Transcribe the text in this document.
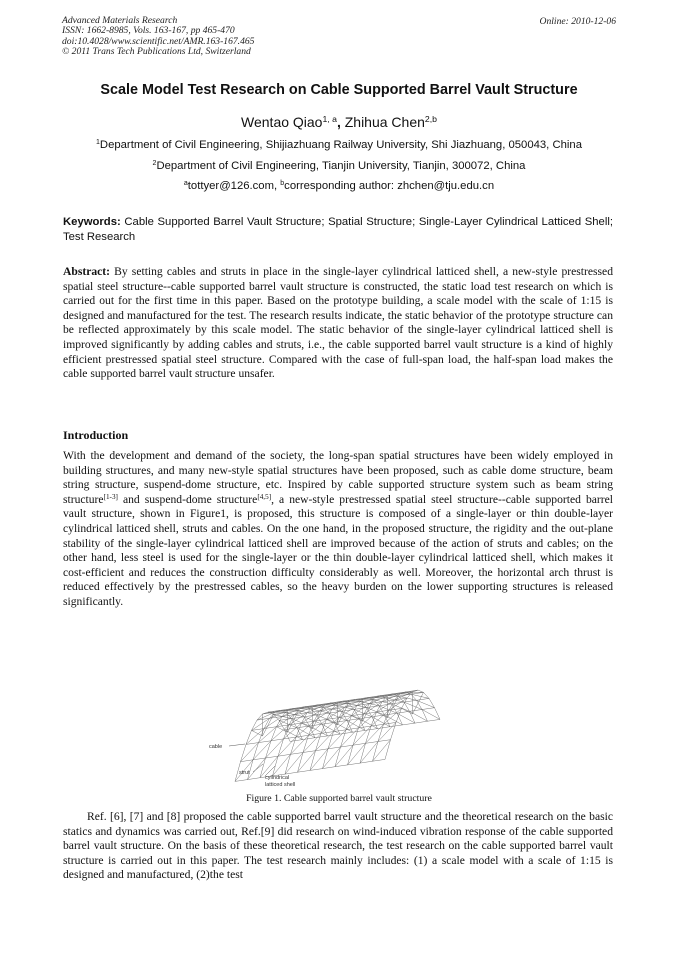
Advanced Materials Research
ISSN: 1662-8985, Vols. 163-167, pp 465-470
doi:10.4028/www.scientific.net/AMR.163-167.465
© 2011 Trans Tech Publications Ltd, Switzerland
Online: 2010-12-06
Scale Model Test Research on Cable Supported Barrel Vault Structure
Wentao Qiao$^{1, a}$, Zhihua Chen$^{2,b}$
$^1$Department of Civil Engineering, Shijiazhuang Railway University, Shi Jiazhuang, 050043, China
$^2$Department of Civil Engineering, Tianjin University, Tianjin, 300072, China
$^a$tottyer@126.com, $^b$corresponding author: zhchen@tju.edu.cn
Keywords: Cable Supported Barrel Vault Structure; Spatial Structure; Single-Layer Cylindrical Latticed Shell; Test Research
Abstract: By setting cables and struts in place in the single-layer cylindrical latticed shell, a new-style prestressed spatial steel structure--cable supported barrel vault structure is constructed, the static load test research on which is carried out for the first time in this paper. Based on the prototype building, a scale model with the scale of 1:15 is designed and manufactured for the test. The research results indicate, the static behavior of the prototype structure can be reflected approximately by this scale model. The static behavior of the single-layer cylindrical latticed shell is improved significantly by adding cables and struts, i.e., the cable supported barrel vault structure is a kind of highly efficient prestressed spatial steel structure. Compared with the case of full-span load, the half-span load makes the cable supported barrel vault structure unsafer.
Introduction
With the development and demand of the society, the long-span spatial structures have been widely employed in building structures, and many new-style spatial structures have been proposed, such as cable dome structure, beam string structure, suspend-dome structure, etc. Inspired by cable supported structure system such as beam string structure[1-3] and suspend-dome structure[4,5], a new-style prestressed spatial steel structure--cable supported barrel vault structure, shown in Figure1, is proposed, this structure is composed of a single-layer or thin double-layer cylindrical latticed shell, struts and cables. On the one hand, in the proposed structure, the rigidity and the out-plane stability of the single-layer cylindrical latticed shell are improved because of the action of struts and cables; on the other hand, less steel is used for the single-layer or the thin double-layer cylindrical latticed shell, which makes it cost-efficient and reduces the construction difficulty considerably as well. Moreover, the horizontal arch thrust is reduced effectively by the prestressed cables, so the heavy burden on the lower supporting structures is released significantly.
cable
strut
cylindrical
latticed shell
Figure 1. Cable supported barrel vault structure
Ref. [6], [7] and [8] proposed the cable supported barrel vault structure and the theoretical research on the basic statics and dynamics was carried out, Ref.[9] did research on wind-induced vibration response of the cable supported barrel vault structure. On the basis of these theoretical research, the test research on the cable supported barrel vault structure is carried out in this paper. The test research mainly includes: (1) a scale model with a scale of 1:15 is designed and manufactured, (2)the test
